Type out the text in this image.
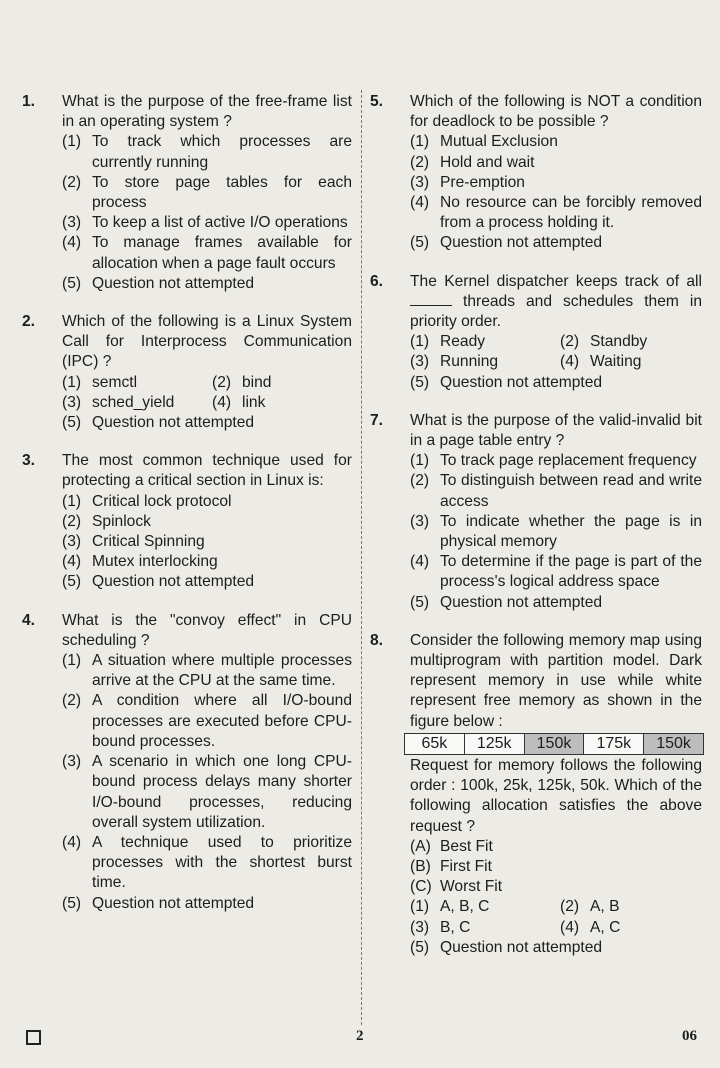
1. What is the purpose of the free-frame list in an operating system ?
(1) To track which processes are currently running
(2) To store page tables for each process
(3) To keep a list of active I/O operations
(4) To manage frames available for allocation when a page fault occurs
(5) Question not attempted
2. Which of the following is a Linux System Call for Interprocess Communication (IPC) ?
(1) semctl	(2) bind
(3) sched_yield	(4) link
(5) Question not attempted
3. The most common technique used for protecting a critical section in Linux is:
(1) Critical lock protocol
(2) Spinlock
(3) Critical Spinning
(4) Mutex interlocking
(5) Question not attempted
4. What is the "convoy effect" in CPU scheduling ?
(1) A situation where multiple processes arrive at the CPU at the same time.
(2) A condition where all I/O-bound processes are executed before CPU-bound processes.
(3) A scenario in which one long CPU-bound process delays many shorter I/O-bound processes, reducing overall system utilization.
(4) A technique used to prioritize processes with the shortest burst time.
(5) Question not attempted
5. Which of the following is NOT a condition for deadlock to be possible ?
(1) Mutual Exclusion
(2) Hold and wait
(3) Pre-emption
(4) No resource can be forcibly removed from a process holding it.
(5) Question not attempted
6. The Kernel dispatcher keeps track of all  threads and schedules them in priority order.
(1) Ready	(2) Standby
(3) Running	(4) Waiting
(5) Question not attempted
7. What is the purpose of the valid-invalid bit in a page table entry ?
(1) To track page replacement frequency
(2) To distinguish between read and write access
(3) To indicate whether the page is in physical memory
(4) To determine if the page is part of the process's logical address space
(5) Question not attempted
8. Consider the following memory map using multiprogram with partition model. Dark represent memory in use while white represent free memory as shown in the figure below :
65k	125k	150k	175k	150k
Request for memory follows the following order : 100k, 25k, 125k, 50k. Which of the following allocation satisfies the above request ?
(A) Best Fit
(B) First Fit
(C) Worst Fit
(1) A, B, C	(2) A, B
(3) B, C	(4) A, C
(5) Question not attempted
2	06
